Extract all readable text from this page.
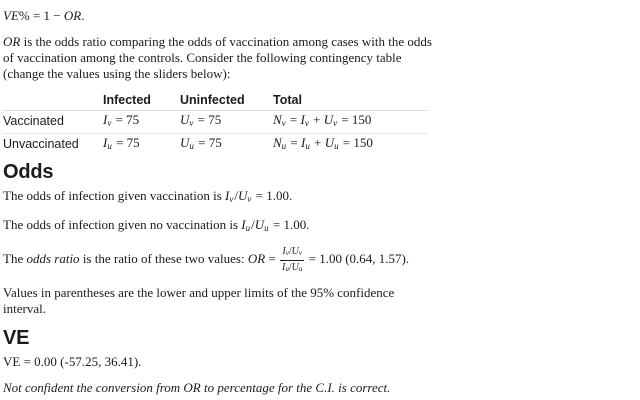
VE% = 1 − OR.

OR is the odds ratio comparing the odds of vaccination among cases with the odds of vaccination among the controls. Consider the following contingency table (change the values using the sliders below):

	Infected	Uninfected	Total
Vaccinated	Iv = 75	Uv = 75	Nv = Iv + Uv = 150
Unvaccinated	Iu = 75	Uu = 75	Nu = Iu + Uu = 150
Odds

The odds of infection given vaccination is Iv/Uv = 1.00.

The odds of infection given no vaccination is Iu/Uu = 1.00.

The odds ratio is the ratio of these two values: OR = $\frac{Iv/Uv}{Iu/Uu} = 1.00$ (0.64, 1.57).

Values in parentheses are the lower and upper limits of the 95% confidence interval.

VE

VE = 0.00 (-57.25, 36.41).

Not confident the conversion from OR to percentage for the C.I. is correct.
